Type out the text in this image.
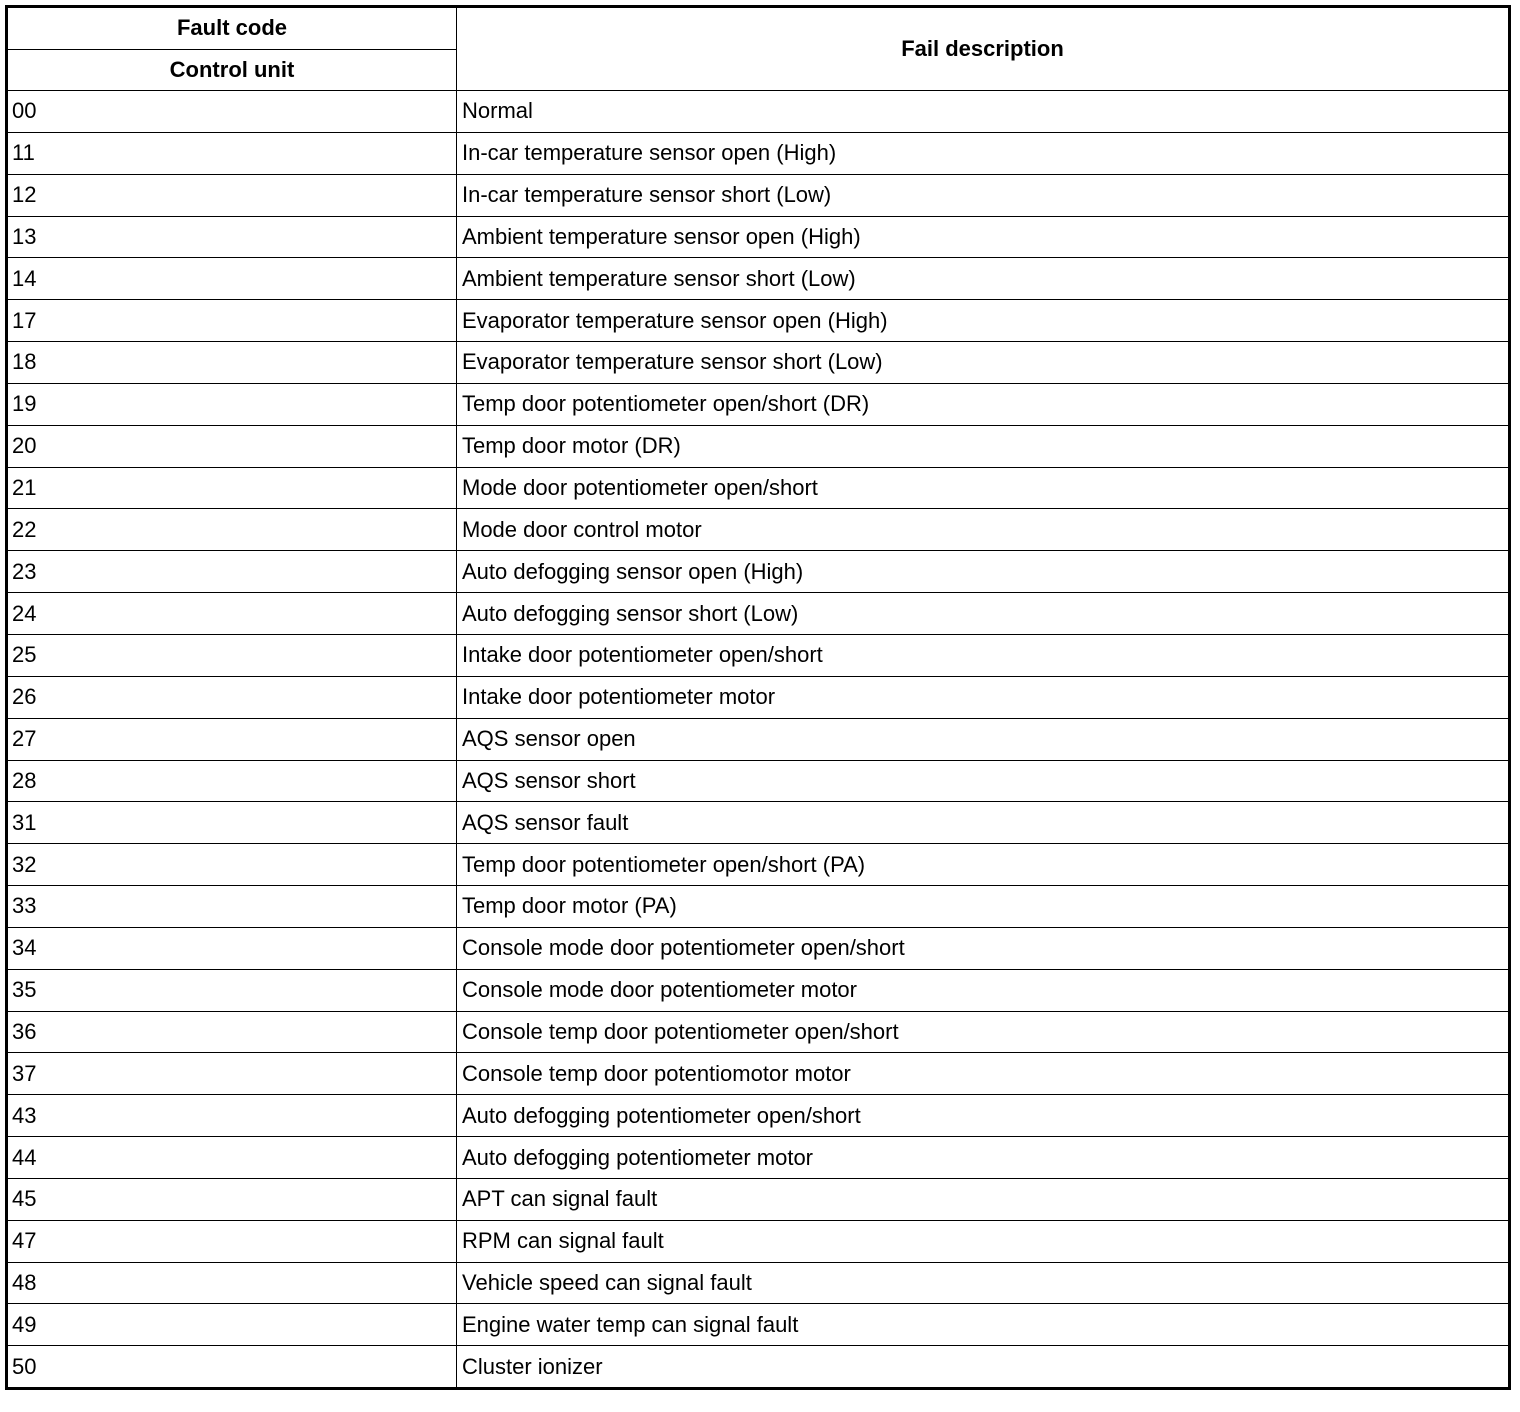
Fault code	Fail description
Control unit	
00	Normal
11	In-car temperature sensor open (High)
12	In-car temperature sensor short (Low)
13	Ambient temperature sensor open (High)
14	Ambient temperature sensor short (Low)
17	Evaporator temperature sensor open (High)
18	Evaporator temperature sensor short (Low)
19	Temp door potentiometer open/short (DR)
20	Temp door motor (DR)
21	Mode door potentiometer open/short
22	Mode door control motor
23	Auto defogging sensor open (High)
24	Auto defogging sensor short (Low)
25	Intake door potentiometer open/short
26	Intake door potentiometer motor
27	AQS sensor open
28	AQS sensor short
31	AQS sensor fault
32	Temp door potentiometer open/short (PA)
33	Temp door motor (PA)
34	Console mode door potentiometer open/short
35	Console mode door potentiometer motor
36	Console temp door potentiometer open/short
37	Console temp door potentiomotor motor
43	Auto defogging potentiometer open/short
44	Auto defogging potentiometer motor
45	APT can signal fault
47	RPM can signal fault
48	Vehicle speed can signal fault
49	Engine water temp can signal fault
50	Cluster ionizer
